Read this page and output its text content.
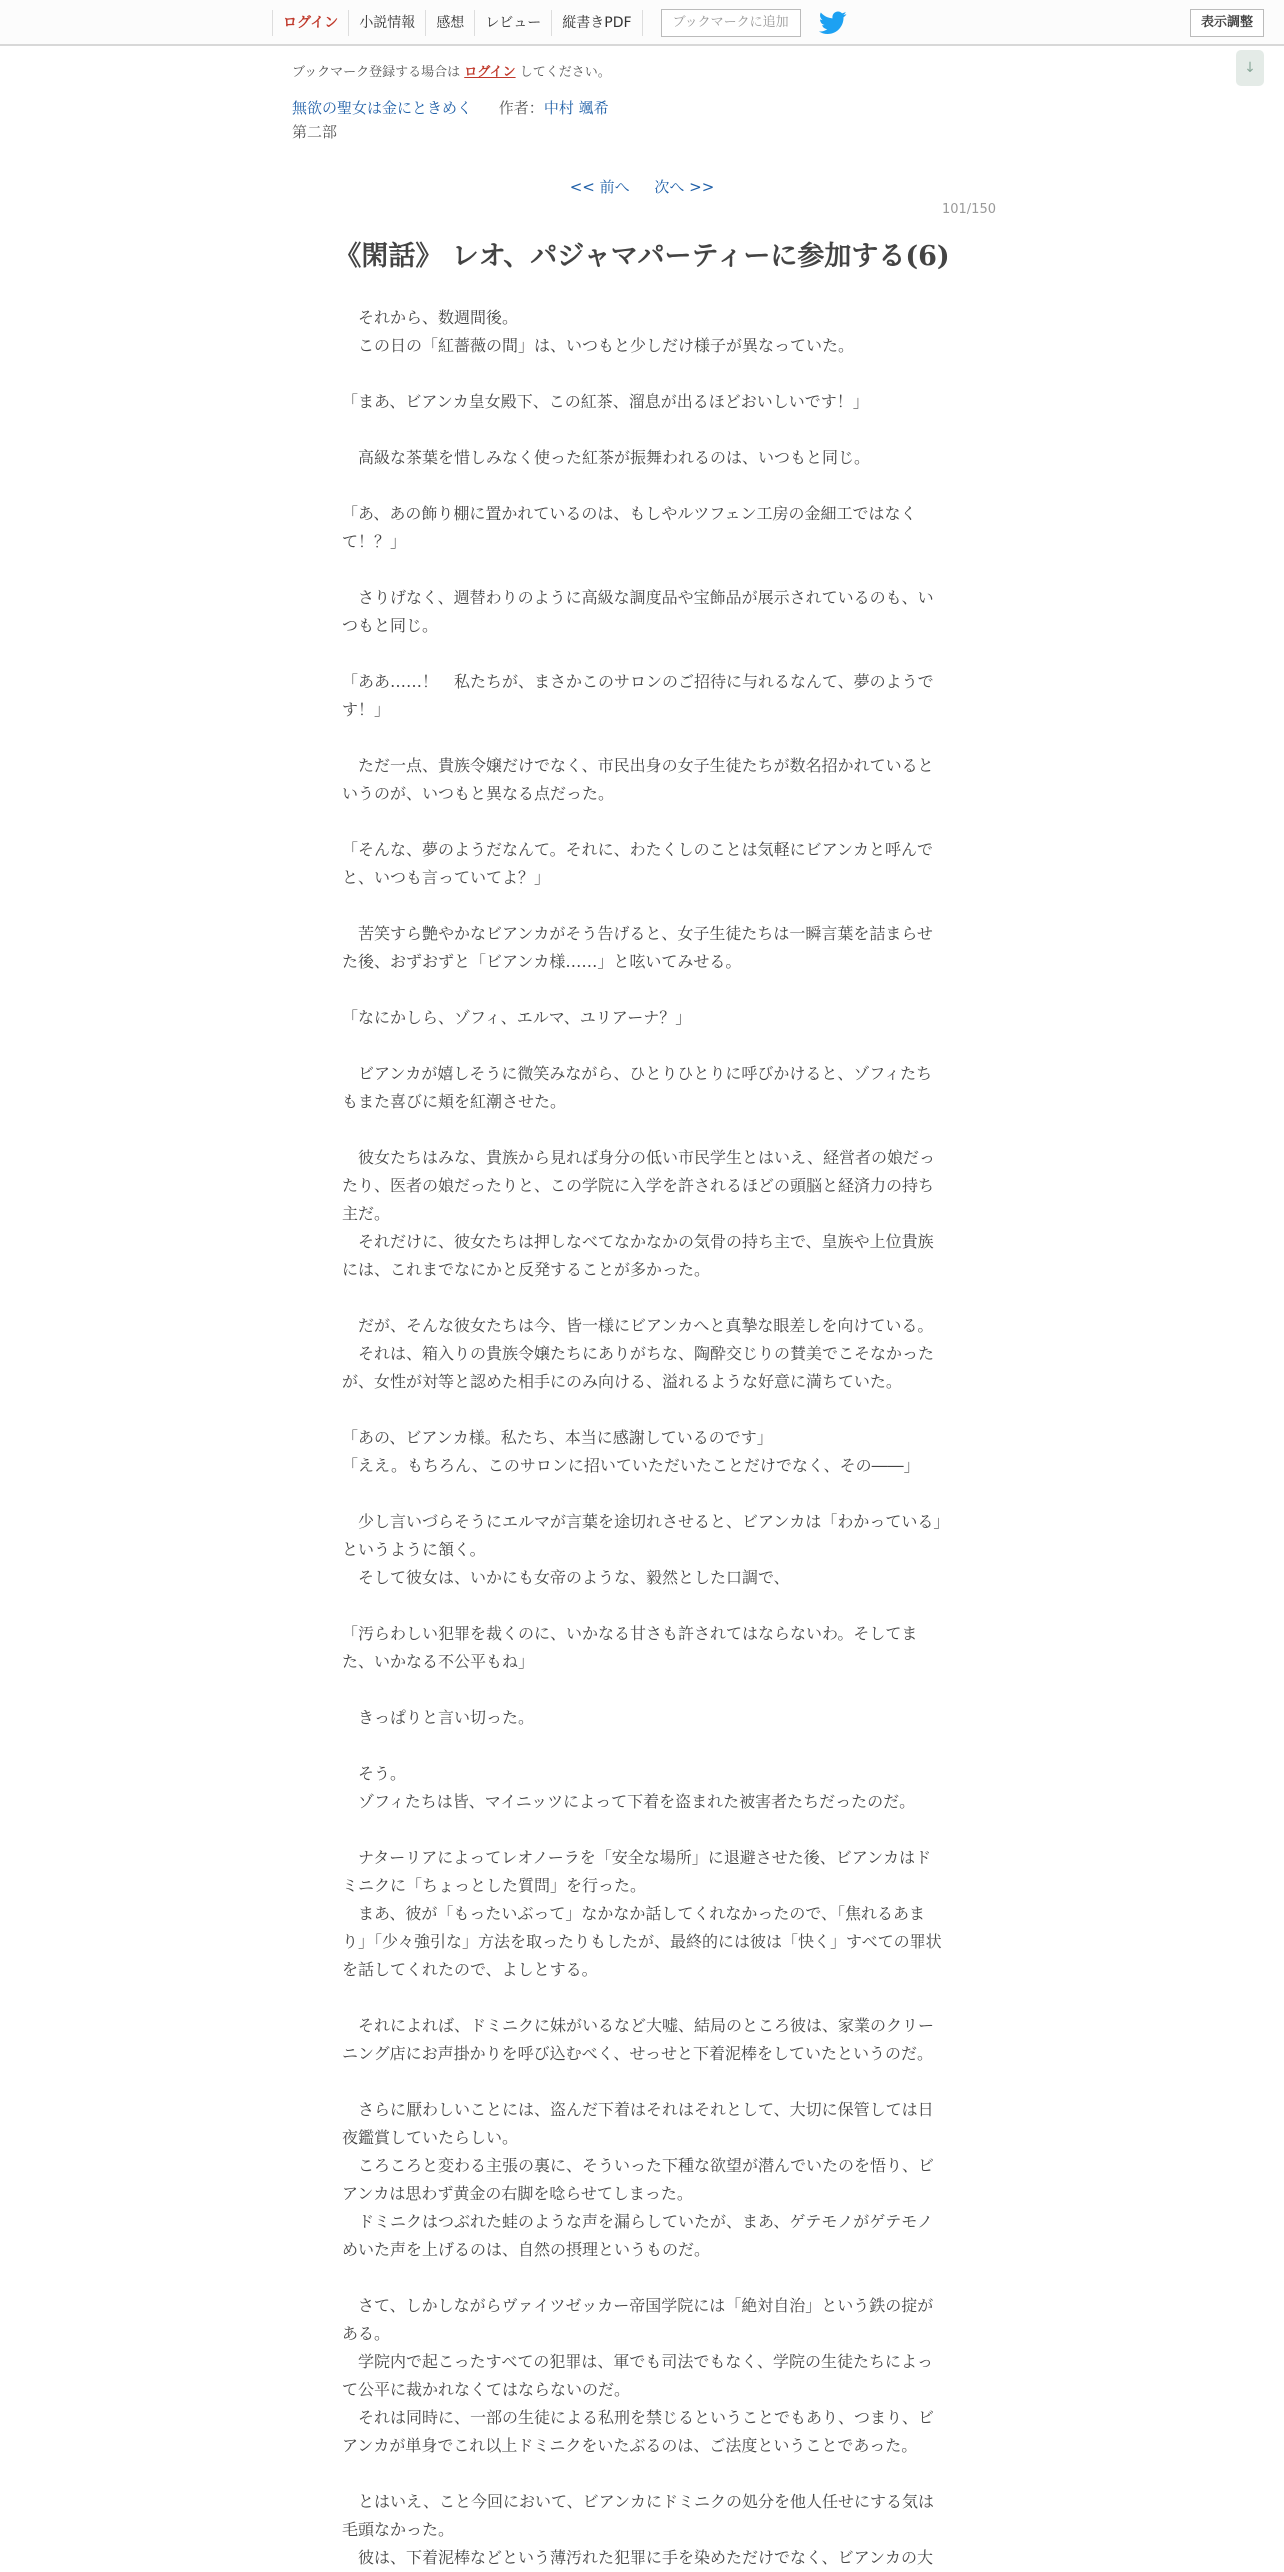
ログイン	小説情報	感想	レビュー	縦書きPDF	ブックマークに追加	表示調整
↓
ブックマーク登録する場合は ログイン してください。
無欲の聖女は金にときめく 作者：中村 颯希
第二部
<< 前へ 次へ >>
101/150
《閑話》 レオ、パジャマパーティーに参加する(6)

　それから、数週間後。

　この日の「紅薔薇の間」は、いつもと少しだけ様子が異なっていた。

「まあ、ビアンカ皇女殿下、この紅茶、溜息が出るほどおいしいです！」

　高級な茶葉を惜しみなく使った紅茶が振舞われるのは、いつもと同じ。

「あ、あの飾り棚に置かれているのは、もしやルツフェン工房の金細工ではなくて！？」

　さりげなく、週替わりのように高級な調度品や宝飾品が展示されているのも、いつもと同じ。

「ああ……！　私たちが、まさかこのサロンのご招待に与れるなんて、夢のようです！」

　ただ一点、貴族令嬢だけでなく、市民出身の女子生徒たちが数名招かれているというのが、いつもと異なる点だった。

「そんな、夢のようだなんて。それに、わたくしのことは気軽にビアンカと呼んでと、いつも言っていてよ？」

　苦笑すら艶やかなビアンカがそう告げると、女子生徒たちは一瞬言葉を詰まらせた後、おずおずと「ビアンカ様……」と呟いてみせる。

「なにかしら、ゾフィ、エルマ、ユリアーナ？」

　ビアンカが嬉しそうに微笑みながら、ひとりひとりに呼びかけると、ゾフィたちもまた喜びに頬を紅潮させた。

　彼女たちはみな、貴族から見れば身分の低い市民学生とはいえ、経営者の娘だったり、医者の娘だったりと、この学院に入学を許されるほどの頭脳と経済力の持ち主だ。

　それだけに、彼女たちは押しなべてなかなかの気骨の持ち主で、皇族や上位貴族には、これまでなにかと反発することが多かった。

　だが、そんな彼女たちは今、皆一様にビアンカへと真摯な眼差しを向けている。

　それは、箱入りの貴族令嬢たちにありがちな、陶酔交じりの賛美でこそなかったが、女性が対等と認めた相手にのみ向ける、溢れるような好意に満ちていた。

「あの、ビアンカ様。私たち、本当に感謝しているのです」

「ええ。もちろん、このサロンに招いていただいたことだけでなく、その――」

　少し言いづらそうにエルマが言葉を途切れさせると、ビアンカは「わかっている」というように頷く。

　そして彼女は、いかにも女帝のような、毅然とした口調で、

「汚らわしい犯罪を裁くのに、いかなる甘さも許されてはならないわ。そしてまた、いかなる不公平もね」

　きっぱりと言い切った。

　そう。

　ゾフィたちは皆、マイニッツによって下着を盗まれた被害者たちだったのだ。

　ナターリアによってレオノーラを「安全な場所」に退避させた後、ビアンカはドミニクに「ちょっとした質問」を行った。

　まあ、彼が「もったいぶって」なかなか話してくれなかったので、「焦れるあまり」「少々強引な」方法を取ったりもしたが、最終的には彼は「快く」すべての罪状を話してくれたので、よしとする。

　それによれば、ドミニクに妹がいるなど大嘘、結局のところ彼は、家業のクリーニング店にお声掛かりを呼び込むべく、せっせと下着泥棒をしていたというのだ。

　さらに厭わしいことには、盗んだ下着はそれはそれとして、大切に保管しては日夜鑑賞していたらしい。

　ころころと変わる主張の裏に、そういった下種な欲望が潜んでいたのを悟り、ビアンカは思わず黄金の右脚を唸らせてしまった。

　ドミニクはつぶれた蛙のような声を漏らしていたが、まあ、ゲテモノがゲテモノめいた声を上げるのは、自然の摂理というものだ。

　さて、しかしながらヴァイツゼッカー帝国学院には「絶対自治」という鉄の掟がある。

　学院内で起こったすべての犯罪は、軍でも司法でもなく、学院の生徒たちによって公平に裁かれなくてはならないのだ。

　それは同時に、一部の生徒による私刑を禁じるということでもあり、つまり、ビアンカが単身でこれ以上ドミニクをいたぶるのは、ご法度ということであった。

　とはいえ、こと今回において、ビアンカにドミニクの処分を他人任せにする気は毛頭なかった。

　彼は、下着泥棒などという薄汚れた犯罪に手を染めただけでなく、ビアンカの大
